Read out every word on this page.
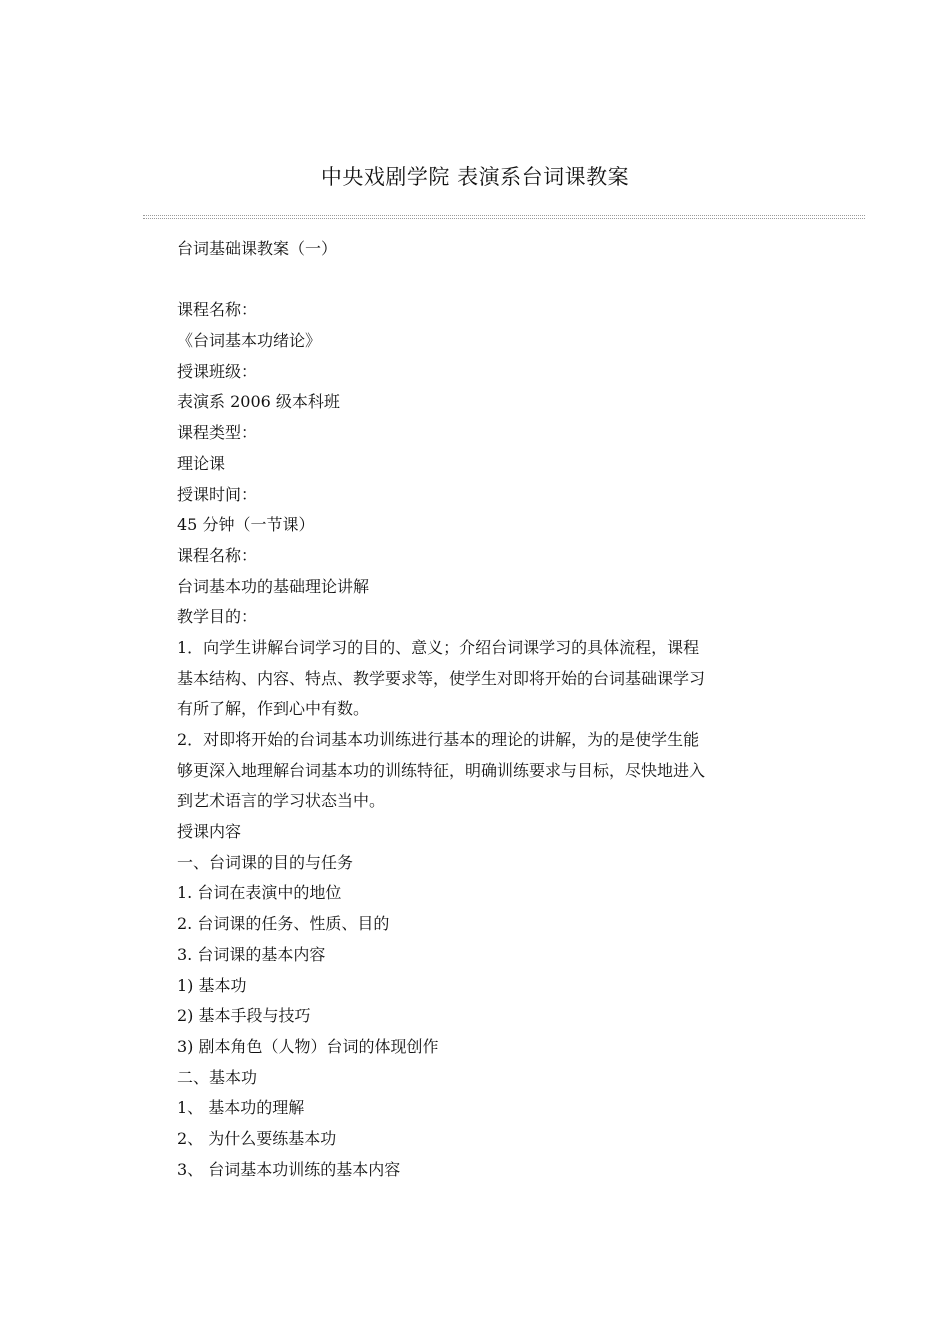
中央戏剧学院 表演系台词课教案
台词基础课教案（一）
课程名称：
《台词基本功绪论》
授课班级：
表演系 2006 级本科班
课程类型：
理论课
授课时间：
45 分钟（一节课）
课程名称：
台词基本功的基础理论讲解
教学目的：
1．向学生讲解台词学习的目的、意义；介绍台词课学习的具体流程，课程
基本结构、内容、特点、教学要求等，使学生对即将开始的台词基础课学习
有所了解，作到心中有数。
2．对即将开始的台词基本功训练进行基本的理论的讲解，为的是使学生能
够更深入地理解台词基本功的训练特征，明确训练要求与目标，尽快地进入
到艺术语言的学习状态当中。
授课内容
一、台词课的目的与任务
1. 台词在表演中的地位
2. 台词课的任务、性质、目的
3. 台词课的基本内容
1) 基本功
2) 基本手段与技巧
3) 剧本角色（人物）台词的体现创作
二、基本功
1、 基本功的理解
2、 为什么要练基本功
3、 台词基本功训练的基本内容
